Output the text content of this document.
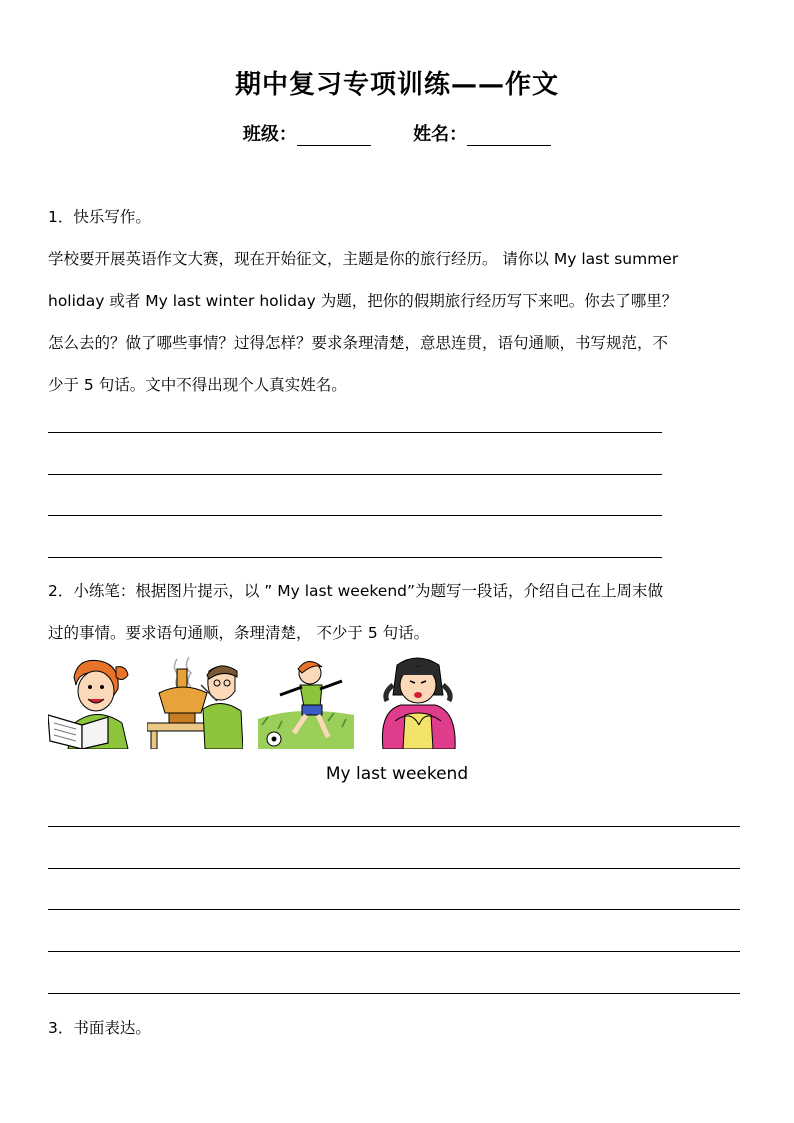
期中复习专项训练——作文
班级：	姓名：
1．快乐写作。
学校要开展英语作文大赛，现在开始征文，主题是你的旅行经历。 请你以 My last summer
holiday 或者 My last winter holiday 为题，把你的假期旅行经历写下来吧。你去了哪里？
怎么去的？做了哪些事情？过得怎样？要求条理清楚，意思连贯，语句通顺，书写规范，不
少于 5 句话。文中不得出现个人真实姓名。
2．小练笔：根据图片提示，以 ” My last weekend”为题写一段话，介绍自己在上周末做
过的事情。要求语句通顺，条理清楚， 不少于 5 句话。
My last weekend
3．书面表达。
